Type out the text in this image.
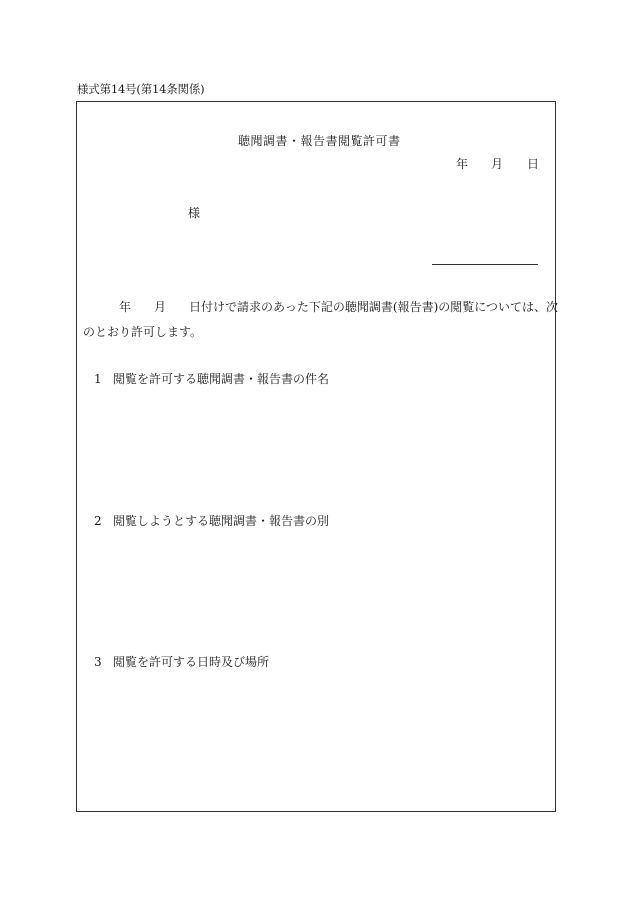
様式第14号(第14条関係)
聴聞調書・報告書閲覧許可書
年 月 日
様
年 月 日付けで請求のあった下記の聴聞調書(報告書)の閲覧については、次
のとおり許可します。
1 閲覧を許可する聴聞調書・報告書の件名
2 閲覧しようとする聴聞調書・報告書の別
3 閲覧を許可する日時及び場所
